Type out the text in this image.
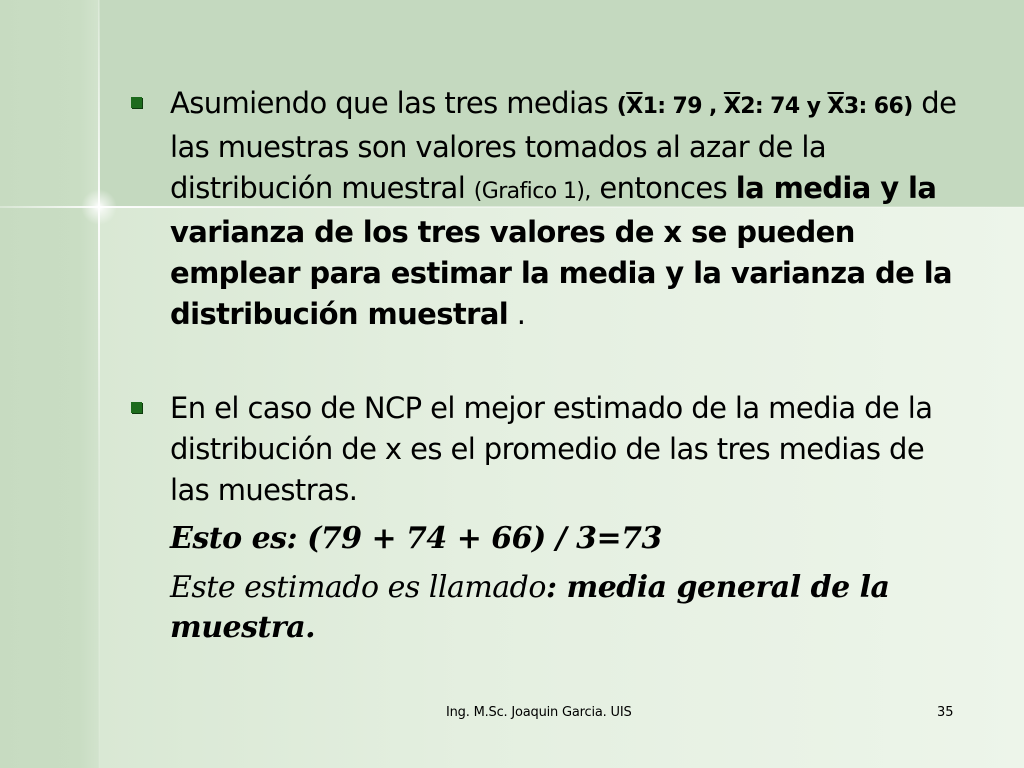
Asumiendo que las tres medias ($\overline{X}1$: 79 , $\overline{X}2$: 74 y $\overline{X}3$: 66) de las muestras son valores tomados al azar de la distribución muestral (Grafico 1), entonces la media y la varianza de los tres valores de x se pueden emplear para estimar la media y la varianza de la distribución muestral .
En el caso de NCP el mejor estimado de la media de la distribución de x es el promedio de las tres medias de las muestras.
Esto es: (79 + 74 + 66) / 3=73
Este estimado es llamado: media general de la muestra.
Ing. M.Sc. Joaquin Garcia. UIS	35
